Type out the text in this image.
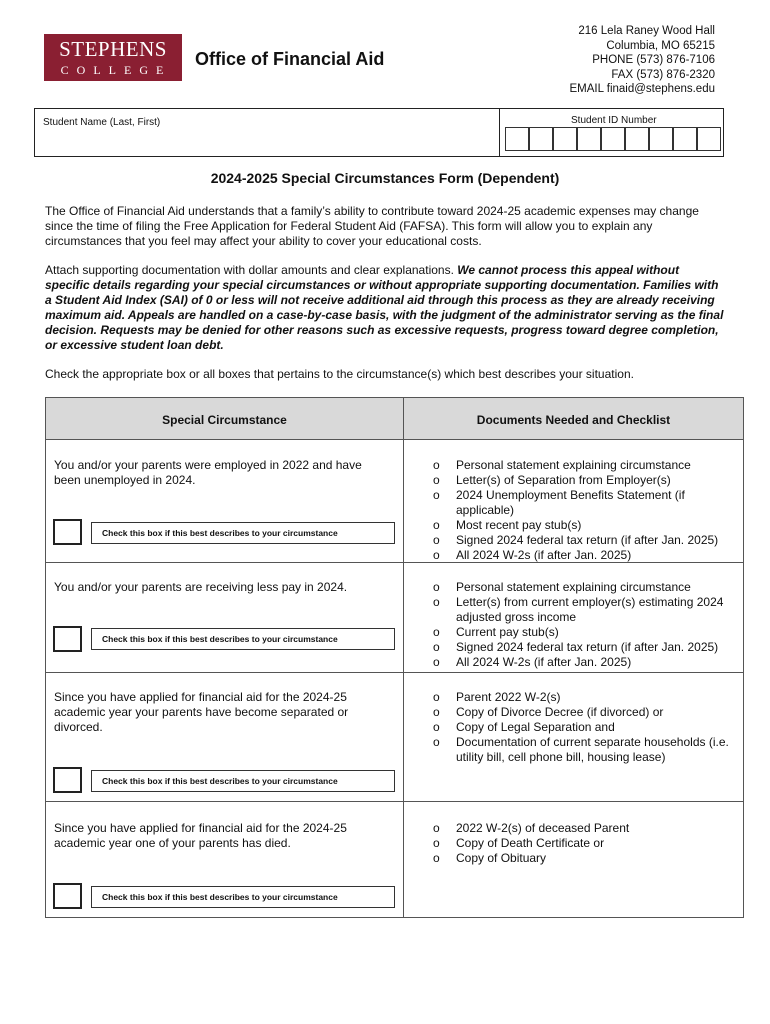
STEPHENS
COLLEGE
Office of Financial Aid
216 Lela Raney Wood Hall
Columbia, MO 65215
PHONE (573) 876-7106
FAX (573) 876-2320
EMAIL finaid@stephens.edu
Student Name (Last, First)	Student ID Number
2024-2025 Special Circumstances Form (Dependent)
The Office of Financial Aid understands that a family’s ability to contribute toward 2024-25 academic expenses may change since the time of filing the Free Application for Federal Student Aid (FAFSA). This form will allow you to explain any circumstances that you feel may affect your ability to cover your educational costs.
Attach supporting documentation with dollar amounts and clear explanations. We cannot process this appeal without specific details regarding your special circumstances or without appropriate supporting documentation. Families with a Student Aid Index (SAI) of 0 or less will not receive additional aid through this process as they are already receiving maximum aid. Appeals are handled on a case-by-case basis, with the judgment of the administrator serving as the final decision. Requests may be denied for other reasons such as excessive requests, progress toward degree completion, or excessive student loan debt.
Check the appropriate box or all boxes that pertains to the circumstance(s) which best describes your situation.
Special Circumstance	Documents Needed and Checklist
You and/or your parents were employed in 2022 and have been unemployed in 2024.
Check this box if this best describes to your circumstance
o Personal statement explaining circumstance
o Letter(s) of Separation from Employer(s)
o 2024 Unemployment Benefits Statement (if applicable)
o Most recent pay stub(s)
o Signed 2024 federal tax return (if after Jan. 2025)
o All 2024 W-2s (if after Jan. 2025)
You and/or your parents are receiving less pay in 2024.
Check this box if this best describes to your circumstance
o Personal statement explaining circumstance
o Letter(s) from current employer(s) estimating 2024 adjusted gross income
o Current pay stub(s)
o Signed 2024 federal tax return (if after Jan. 2025)
o All 2024 W-2s (if after Jan. 2025)
Since you have applied for financial aid for the 2024-25 academic year your parents have become separated or divorced.
Check this box if this best describes to your circumstance
o Parent 2022 W-2(s)
o Copy of Divorce Decree (if divorced) or
o Copy of Legal Separation and
o Documentation of current separate households (i.e. utility bill, cell phone bill, housing lease)
Since you have applied for financial aid for the 2024-25 academic year one of your parents has died.
Check this box if this best describes to your circumstance
o 2022 W-2(s) of deceased Parent
o Copy of Death Certificate or
o Copy of Obituary
